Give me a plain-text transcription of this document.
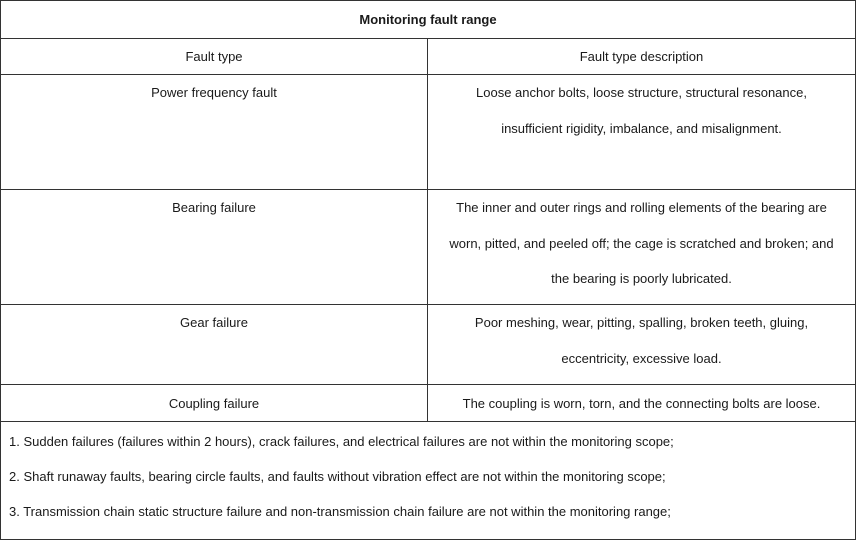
Monitoring fault range	
Fault type	Fault type description
Power frequency fault	Loose anchor bolts, loose structure, structural resonance,
insufficient rigidity, imbalance, and misalignment.

Bearing failure	The inner and outer rings and rolling elements of the bearing are
worn, pitted, and peeled off; the cage is scratched and broken; and
the bearing is poorly lubricated.

Gear failure	Poor meshing, wear, pitting, spalling, broken teeth, gluing,
eccentricity, excessive load.

Coupling failure	The coupling is worn, torn, and the connecting bolts are loose.

1. Sudden failures (failures within 2 hours), crack failures, and electrical failures are not within the monitoring scope;
2. Shaft runaway faults, bearing circle faults, and faults without vibration effect are not within the monitoring scope;
3. Transmission chain static structure failure and non-transmission chain failure are not within the monitoring range;	
